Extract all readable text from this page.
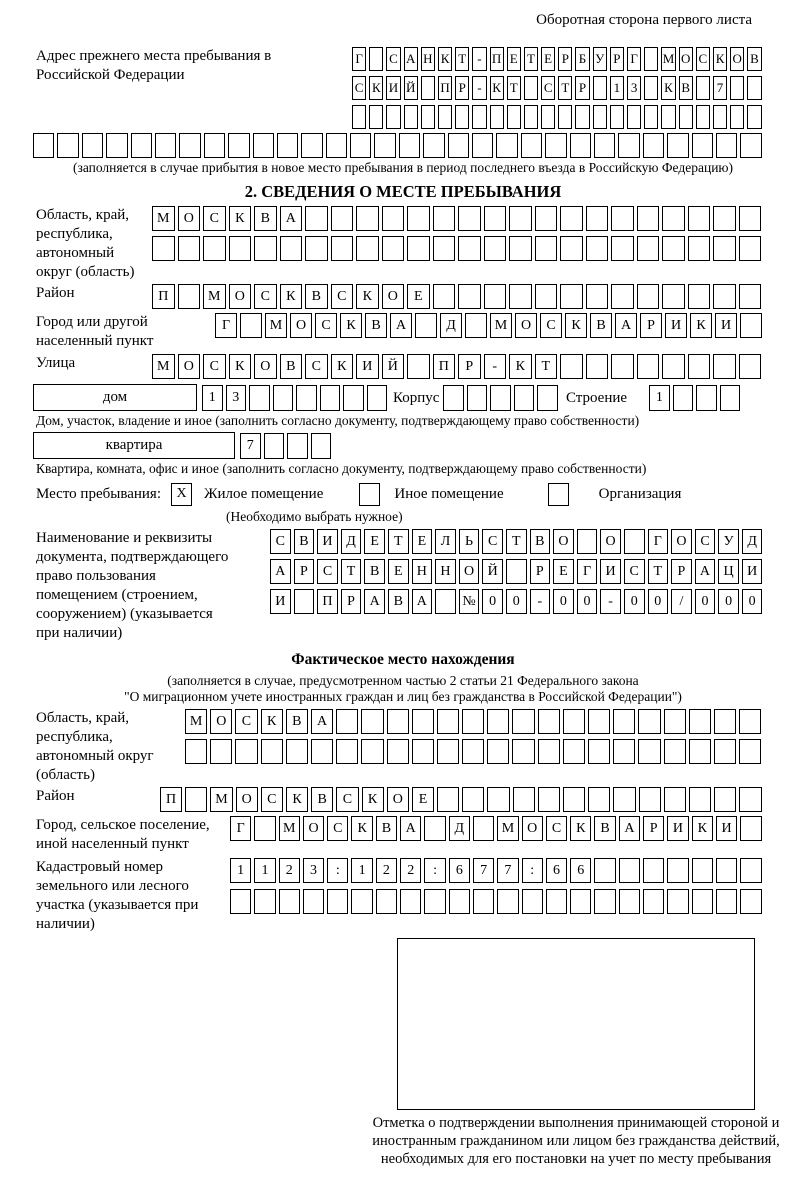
Оборотная сторона первого листа
Адрес прежнего места пребывания в Российской Федерации
Г С А Н К Т - П Е Т Е Р Б У Р Г М О С К О В
С К И Й П Р - К Т С Т Р 1 3 К В 7
(заполняется в случае прибытия в новое место пребывания в период последнего въезда в Российскую Федерацию)
2. СВЕДЕНИЯ О МЕСТЕ ПРЕБЫВАНИЯ
Область, край, республика, автономный округ (область)
М	О	С	К	В	А
Район	П	М	О	С	К	В	С	К	О	Е
Город или другой населенный пункт
Г	М О	С	К	В	А	Д	М О	С	К	В	А	Р	И	К	И
Улица	М	О	С	К	О	В	С	К	И	Й	П	Р	-	К	Т
дом	1	3	Корпус	Строение	1
Дом, участок, владение и иное (заполнить согласно документу, подтверждающему право собственности)
квартира	7
Квартира, комната, офис и иное (заполнить согласно документу, подтверждающему право собственности)
Место пребывания:	X	Жилое помещение	Иное помещение	Организация
(Необходимо выбрать нужное)
Наименование и реквизиты документа, подтверждающего право пользования помещением (строением, сооружением) (указывается при наличии)
С	В И Д	Е	Т	Е	Л	Ь	С	Т	В О	О	Г	О С У Д
А	Р	С	Т	В	Е	Н Н О Й	Р	Е	Г	И С	Т	Р	А Ц И
И	П	Р	А В А	№ 0	0	-	0	0	-	0	0	/	0	0	0
Фактическое место нахождения
(заполняется в случае, предусмотренном частью 2 статьи 21 Федерального закона
"О миграционном учете иностранных граждан и лиц без гражданства в Российской Федерации")
Область, край, республика, автономный округ (область)
М О	С	К	В	А
Район	П	М О	С	К	В	С	К	О	Е
Город, сельское поселение, иной населенный пункт
Г	М О	С	К	В	А	Д	М О	С	К	В	А	Р	И	К	И
Кадастровый номер земельного или лесного участка (указывается при наличии)
1	1	2	3	:	1	2	2	:	6	7	7	:	6	6
Отметка о подтверждении выполнения принимающей стороной и иностранным гражданином или лицом без гражданства действий, необходимых для его постановки на учет по месту пребывания
